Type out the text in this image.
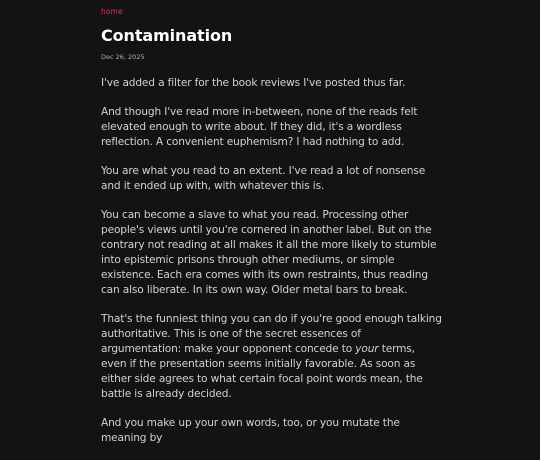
home
Contamination
Dec 26, 2025

I've added a filter for the book reviews I've posted thus far.

And though I've read more in-between, none of the reads felt elevated enough to write about. If they did, it's a wordless reflection. A convenient euphemism? I had nothing to add.

You are what you read to an extent. I've read a lot of nonsense and it ended up with, with whatever this is.

You can become a slave to what you read. Processing other people's views until you're cornered in another label. But on the contrary not reading at all makes it all the more likely to stumble into epistemic prisons through other mediums, or simple existence. Each era comes with its own restraints, thus reading can also liberate. In its own way. Older metal bars to break.

That's the funniest thing you can do if you're good enough talking authoritative. This is one of the secret essences of argumentation: make your opponent concede to your terms, even if the presentation seems initially favorable. As soon as either side agrees to what certain focal point words mean, the battle is already decided.

And you make up your own words, too, or you mutate the meaning by
